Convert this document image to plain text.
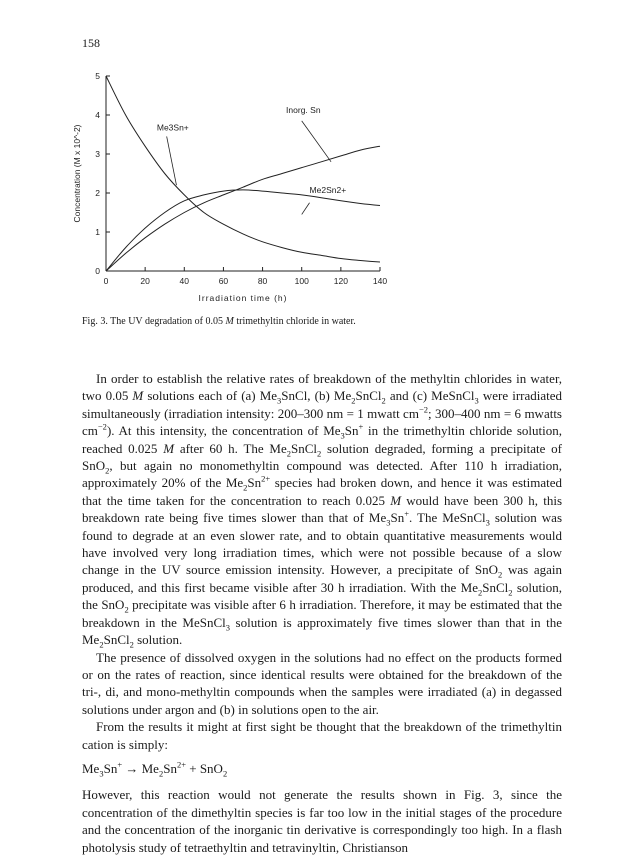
158
0	20	40	60	80	100	120	140
0
1
2
3
4
5
Irradiation time (h)
Concentration (M x 10^-2)	Me3Sn+
Me2Sn2+
Inorg. Sn
Fig. 3. The UV degradation of 0.05 M trimethyltin chloride in water.

In order to establish the relative rates of breakdown of the methyltin chlorides in water, two 0.05 M solutions each of (a) $Me_3SnCl$, (b) $Me_2SnCl_2$ and (c) MeSnCl$_3$ were irradiated simultaneously (irradiation intensity: 200–300 nm = 1 mwatt $cm^{-2}$; 300–400 nm = 6 mwatts $cm^{-2}$). At this intensity, the concentration of $Me_3Sn^+$ in the trimethyltin chloride solution, reached 0.025 M after 60 h. The $Me_2SnCl_2$ solution degraded, forming a precipitate of SnO$_2$, but again no monomethyltin compound was detected. After 110 h irradiation, approximately 20% of the $Me_2Sn^{2+}$ species had broken down, and hence it was estimated that the time taken for the concentration to reach 0.025 M would have been 300 h, this breakdown rate being five times slower than that of $Me_3Sn^+$. The MeSnCl$_3$ solution was found to degrade at an even slower rate, and to obtain quantitative measurements would have involved very long irradiation times, which were not possible because of a slow change in the UV source emission intensity. However, a precipitate of SnO$_2$ was again produced, and this first became visible after 30 h irradiation. With the $Me_2SnCl_2$ solution, the SnO$_2$ precipitate was visible after 6 h irradiation. Therefore, it may be estimated that the breakdown in the MeSnCl$_3$ solution is approximately five times slower than that in the $Me_2SnCl_2$ solution.

The presence of dissolved oxygen in the solutions had no effect on the products formed or on the rates of reaction, since identical results were obtained for the breakdown of the tri-, di, and mono-methyltin compounds when the samples were irradiated (a) in degassed solutions under argon and (b) in solutions open to the air.

From the results it might at first sight be thought that the breakdown of the trimethyltin cation is simply:

$Me_3Sn^+ \to Me_2Sn^{2+} + SnO_2$

However, this reaction would not generate the results shown in Fig. 3, since the concentration of the dimethyltin species is far too low in the initial stages of the procedure and the concentration of the inorganic tin derivative is correspondingly too high. In a flash photolysis study of tetraethyltin and tetravinyltin, Christianson
